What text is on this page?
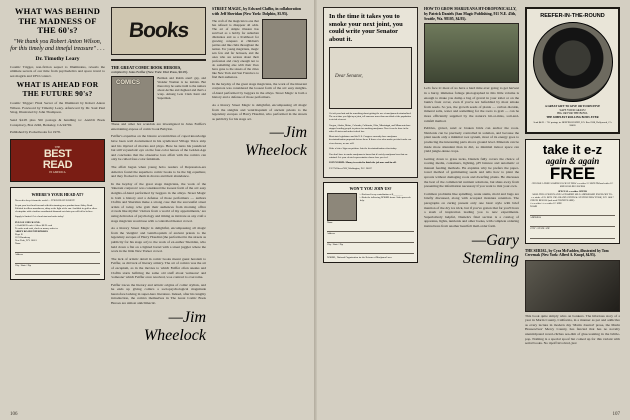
WHAT WAS BEHIND THE MADNESS OF THE 60's?
"We thank you Robert Anton Wilson, for this timely and timeful treasure" . . .
Dr. Timothy Leary

Cosmic Trigger, non-fiction sequel to Illuminatus, reveals the ultimate secrets of our time from psychedelics and space travel to sex magick and UFO contact.

WHAT IS AHEAD FOR THE FUTURE 90's?

Cosmic Trigger: Final Secret of the Illuminati by Robert Anton Wilson. Foreword by Timothy Leary. Afterword by Dr. Saul Paul Sirag. Illustrated by John Thompson.

Send $4.95 plus 50¢ postage & handling to: And/Or Book Conspiracy, Box 2246, Berkeley, CA 94702.

Published by Pocketbooks for 1978.

THE
BEST
READ
IN AMERICA
WHERE'S YOUR HEAD AT?

No need to keep it from the world — YOUR HEAD IS BEST!

So put your best head forward with this stunning new pendant from Abbey Road. Polished in silken smoothness, shiny as the light of the sun. Available in gold or silver electroplate with a fashion coordinated diamond cut chain you will fall to believe.

Supply is limited. Get a head start and order today!

PLEASE CHECK ONE:
□ Gold $8.95 each □ Silver $6.95 each
To order send cash, check or money order to:
ABBEY ROAD ENTERPRISES
Dept. B
1123 Broadway
New York, N.Y. 10011
Name
Address
City / State / Zip
Books
THE GREAT COMIC BOOK HEROES,
compiled by Jules Feiffer (New York: Dial Press, $6.95).
COMICS

Batman and Robin aren't gay, and Wonder Woman is no lesbian. But there may be some truth to the rumors about Archie and Jughead and that's a wrap. Among Leia Clark Kent and Superman.

These and other hot scandals are investigated in Jules Feiffer's entertaining expose of comic book Babylon.

Feiffer's expertise on the bizarre eccentricities of caped knowledge have been well documented in his syndicated Village Voice strip and his myriad of movies and plays. Here he turns his jaundiced but still voyeuristic eye on the four-color heroes of the Golden Age and concludes that the obsessive love affair with the comics can only be called four-color fetishism.

The affair began when young hobo readers of Depression-era America found the superhero comic books to be the big equalizer, and they flocked to them in droves and their abundance.

In the heyday of the great stage magicians, the work of the 'itinerant conjurors' was considered the loosest form of the art: easy sleights-of-hand performed by beggars in the alleys. Street Magic is both a history and a defense of those performers — authors Claflin and Sheridan make a strong case that the successful street artists of today, who grab their audiences from morning office crowds like mythic 'visitors from a world of my appointments,' are using delicacies of psychology and timing as intricate as any craft a stage magician would use with a controlled theater crowd.

As a history Street Magic is delightful, encompassing all magic from the 'sleights' and ventriloquism of ancient priests to the legendary escapes of Harry Houdini (the performed in the streets as publicity for his stage act) to the work of ex-author Sheridan, who held down a flat on a lighted barrel with a street juggler where the work in the little New Yorker crowd.

The lack of artistic detail in comic books meant guest heroism to Feiffer, as did lack of literary artistry. The art of comics was the art of escapism, as in the movies to which Feiffer often sneaks and Claflin starts befitting the same old stuff about 'someone' and 'someone' which Feiffer once resolved, woe contract is overcome.

Feiffer traces the literary and artistic origins of comic stylists, and he ends up giving comics a sociopsychological magnitude heretofore lacking in super-hero literature. Indeed, after his lengthy introduction, the comics themselves in The Great Comic Book Heroes are almost anticlimactic.

—Jim Wheelock
STREET MAGIC, by Edward Claflin, in collaboration with Jeff Sheridan (New York: Dolphin, $5.95).

The craft of the magician is one that has refused to disappear all odds. The art of simple illusion has survived as a hobby for suburban dilettantes and as a livelihood for growing conquers at children's parties and like clubs throughout the nation. For young magicians, magic sets few and far between, and the ones who are serious about their profession and crazy enough not to do something else with their lives have gone to the streets of the cities like New York and San Francisco to find their audiences.

In the heyday of the great stage magicians, the work of the itinerant conjurors was considered the loosest form of the art: easy sleights-of-hand performed by beggars in the alleys. Street Magic is both a history and a defense of those performers.

As a history Street Magic is delightful, encompassing all magic from the sleights and ventriloquism of ancient priests to the legendary escapes of Harry Houdini, who performed in the streets as publicity for his stage act.

—Jim Wheelock
106
In the time it takes you to smoke your next joint, you could write your Senator about it.
Dear Senator,

Get off your butt and do something about getting the use of marijuana decriminalized. The next time you light up a joint, tell someone more than one-third of the population is at risk of arrest.

Oregon, Alaska, Maine, Colorado, California, Ohio, Mississippi, and Minnesota have stopped sending people to prison for smoking marijuana. Now it can be done in the other 42 states and under federal law.

Most state legislatures and the U.S. Congress currently have marijuana decriminalization proposals before them. If those of us who smoke pot don't make our views known, no one will.

Write a letter. Sign our petition. Join the decriminalization effort today.

You don't have to smoke marijuana to know that it's safely marijuana laws that are criminal. Let your elected representatives know how you feel.

JOIN NORML. Money is needed to finish the job once and for all.

2317 M Street NW, Washington, D.C. 20037

WON'T YOU JOIN US?
□ Enclosed is my contribution of $________
□ Rush the following NORML items. Sales proceeds help.
Name
Address
City / State / Zip
NORML, National Organization for the Reform of Marijuana Laws
HOW TO GROW MARIJUANA HY-DROPONICALLY, by Patrick Daniels (San Magic Publishing, 911 N.E. 45th, Seattle, Wa. 98105, $4.95).

Let's face it: most of us have a hard time ever going to get harvest in a hurry, immense foliage photographed in this little volume is enough to make you dump a bag of gravel in your toilet or on the bunk's front cover, even if you're not befuddled by most smoke from seeds. So yes, the growth seeds of plants — carbon dioxide, mineral salts, water and something for the roots to grab — can be more efficiently supplied by the nature's hit-or-miss, soil-and-rainfall method.

Pebbles, gravel, sand or broken brick can anchor the roots. Nutrients can be precisely controlled in solution, and because the plant needs only a minimal root system, most of its energy goes to producing the interesting parts above ground level. Minerals can be made more abundant than in dirt, so minimal indoor space can yield jungle-dense crops.

Getting down to grass tacks, Daniels fully covers the choice of rooting media, containers, lighting, pH balance and automatic or manual feeding methods. He explains why he prefers the paper-towel method of germinating seeds and tells how to plant the sprouts without damaging roots and dwarfing plants. He discusses the best of the commercial nutrient solutions, but shies away from presenting the information necessary if you want to mix your own.

Common problems like spindling, weak stems, mold and bugs are briefly discussed, along with accepted moisture retention. The paragraphs on curing present only one basic style with brief mention of the dry ice trick, but if you've gotten that far you'll have a stash of inspiration leading you to new experiments. Superlatively helpful, Daniels's final section is a catalog of apparatus, lights, nutrients and other books, with complete ordering instructions from another heartfelt mail-order form.

—Gary Stemling
REEFER-IN-THE-ROUND
A GREAT GIFT TO GIVE OR TO RECEIVE
SAVE YOUR GRASS!
BIG OR FOR THE BOWL
THE SIMPLEST ROLLING BOWL EVER
Send $4.95 + 75¢ postage to: REEFER ROUND, P.O. Box 2268, Hollywood, CA 90028
take it e-z
again & again
FREE
CHOOSE A FREE SAMPLE PACK OF NEW e-z wider 1½ SIZE DM and wider 1½ SIZE ROLLING PAPERS
SPECIAL e-z wider OFFER
MAIL THIS COUPON AND A STAMPED SELF-ADDRESSED ENVELOPE TO:
e-z wider • P.O. BOX 1785 GRAND CENTRAL STATION NEW YORK, N.Y. 10017
CHECK BELOW (and send FOUND NAME)
□ e-z wider □ e-z wider 1½ SIZE
NAME
ADDRESS
CITY / STATE / ZIP
THE SERIAL, by Cyra McFadden, illustrated by Tom Cervenak (New York: Alfred A. Knopf, $4.95).

This book quite simply wins on bonkers. The hilarious story of a year in Marin County, California, in a manner as pat and addictive as every lecture in modern day 'Marin Journal' prose, the Marin Housewives' Mercy County, has fancied that has no novelty unanticipated novel-cliches sea-dim of glue-wanting in the brittle-pop. Nothing is a special spoof but coined up for this variant with serial books. No ripoff involved, just

107
